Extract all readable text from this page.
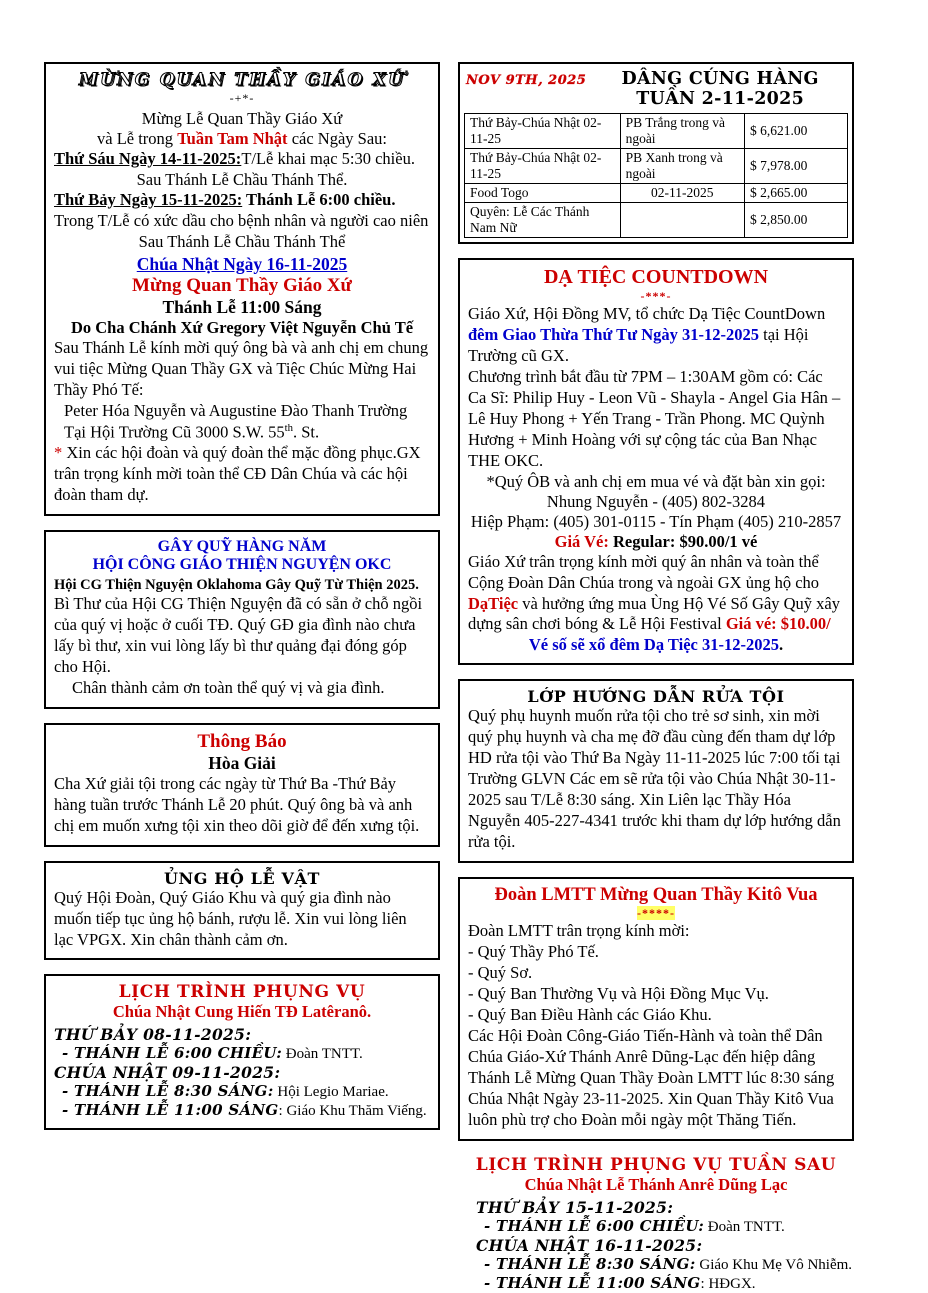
MỪNG QUAN THẦY GIÁO XỨ

-+*-

Mừng Lễ Quan Thầy Giáo Xứ

và Lễ trong Tuần Tam Nhật các Ngày Sau:

Thứ Sáu Ngày 14-11-2025:T/Lễ khai mạc 5:30 chiều.

Sau Thánh Lễ Chầu Thánh Thể.

Thứ Bảy Ngày 15-11-2025: Thánh Lễ 6:00 chiều.

Trong T/Lễ có xức dầu cho bệnh nhân và người cao niên

Sau Thánh Lễ Chầu Thánh Thể

Chúa Nhật Ngày 16-11-2025

Mừng Quan Thầy Giáo Xứ

Thánh Lễ 11:00 Sáng

Do Cha Chánh Xứ Gregory Việt Nguyễn Chủ Tế

Sau Thánh Lễ kính mời quý ông bà và anh chị em chung vui tiệc Mừng Quan Thầy GX và Tiệc Chúc Mừng Hai Thầy Phó Tế:

Peter Hóa Nguyễn và Augustine Đào Thanh Trường

Tại Hội Trường Cũ 3000 S.W. 55th. St.

* Xin các hội đoàn và quý đoàn thể mặc đồng phục.GX trân trọng kính mời toàn thể CĐ Dân Chúa và các hội đoàn tham dự.

GÂY QUỸ HÀNG NĂM

HỘI CÔNG GIÁO THIỆN NGUYỆN OKC

Hội CG Thiện Nguyện Oklahoma Gây Quỹ Từ Thiện 2025.

Bì Thư của Hội CG Thiện Nguyện đã có sẵn ở chỗ ngồi của quý vị hoặc ở cuối TĐ. Quý GĐ gia đình nào chưa lấy bì thư, xin vui lòng lấy bì thư quảng đại đóng góp cho Hội.

Chân thành cảm ơn toàn thể quý vị và gia đình.

Thông Báo

Hòa Giải

Cha Xứ giải tội trong các ngày từ Thứ Ba -Thứ Bảy hàng tuần trước Thánh Lễ 20 phút. Quý ông bà và anh chị em muốn xưng tội xin theo dõi giờ để đến xưng tội.

ỦNG HỘ LỄ VẬT

Quý Hội Đoàn, Quý Giáo Khu và quý gia đình nào muốn tiếp tục ủng hộ bánh, rượu lễ. Xin vui lòng liên lạc VPGX. Xin chân thành cảm ơn.

LỊCH TRÌNH PHỤNG VỤ

Chúa Nhật Cung Hiến TĐ Latêranô.

THỨ BẢY 08-11-2025:

- THÁNH LỄ 6:00 CHIỀU: Đoàn TNTT.

CHÚA NHẬT 09-11-2025:

- THÁNH LỄ 8:30 SÁNG: Hội Legio Mariae.

- THÁNH LỄ 11:00 SÁNG: Giáo Khu Thăm Viếng.

NOV 9TH, 2025	DÂNG CÚNG HÀNG TUẦN 2-11-2025
Thứ Bảy-Chúa Nhật 02-11-25	PB Trắng trong và ngoài	$ 6,621.00
Thứ Bảy-Chúa Nhật 02-11-25	PB Xanh trong và ngoài	$ 7,978.00
Food Togo	02-11-2025	$ 2,665.00
Quyên: Lễ Các Thánh Nam Nữ		$ 2,850.00

DẠ TIỆC COUNTDOWN

-***-

Giáo Xứ, Hội Đồng MV, tổ chức Dạ Tiệc CountDown đêm Giao Thừa Thứ Tư Ngày 31-12-2025 tại Hội Trường cũ GX.

Chương trình bắt đầu từ 7PM – 1:30AM gồm có: Các Ca Sĩ: Philip Huy - Leon Vũ - Shayla - Angel Gia Hân – Lê Huy Phong + Yến Trang - Trần Phong. MC Quỳnh Hương + Minh Hoàng với sự cộng tác của Ban Nhạc THE OKC.

*Quý ÔB và anh chị em mua vé và đặt bàn xin gọi:

Nhung Nguyễn - (405) 802-3284

Hiệp Phạm: (405) 301-0115 - Tín Phạm (405) 210-2857

Giá Vé: Regular: $90.00/1 vé

Giáo Xứ trân trọng kính mời quý ân nhân và toàn thể Cộng Đoàn Dân Chúa trong và ngoài GX ủng hộ cho DạTiệc và hưởng ứng mua Ùng Hộ Vé Số Gây Quỹ xây dựng sân chơi bóng & Lễ Hội Festival Giá vé: $10.00/

Vé số sẽ xổ đêm Dạ Tiệc 31-12-2025.

LỚP HƯỚNG DẪN RỬA TỘI

Quý phụ huynh muốn rửa tội cho trẻ sơ sinh, xin mời quý phụ huynh và cha mẹ đỡ đầu cùng đến tham dự lớp HD rửa tội vào Thứ Ba Ngày 11-11-2025 lúc 7:00 tối tại Trường GLVN Các em sẽ rửa tội vào Chúa Nhật 30-11-2025 sau T/Lễ 8:30 sáng. Xin Liên lạc Thầy Hóa Nguyễn 405-227-4341 trước khi tham dự lớp hướng dẫn rửa tội.

Đoàn LMTT Mừng Quan Thầy Kitô Vua

-****-

Đoàn LMTT trân trọng kính mời:

- Quý Thầy Phó Tế.

- Quý Sơ.

- Quý Ban Thường Vụ và Hội Đồng Mục Vụ.

- Quý Ban Điều Hành các Giáo Khu.

Các Hội Đoàn Công-Giáo Tiến-Hành và toàn thể Dân Chúa Giáo-Xứ Thánh Anrê Dũng-Lạc đến hiệp dâng Thánh Lễ Mừng Quan Thầy Đoàn LMTT lúc 8:30 sáng Chúa Nhật Ngày 23-11-2025. Xin Quan Thầy Kitô Vua luôn phù trợ cho Đoàn mỗi ngày một Thăng Tiến.

LỊCH TRÌNH PHỤNG VỤ TUẦN SAU

Chúa Nhật Lễ Thánh Anrê Dũng Lạc

THỨ BẢY 15-11-2025:

- THÁNH LỄ 6:00 CHIỀU: Đoàn TNTT.

CHÚA NHẬT 16-11-2025:

- THÁNH LỄ 8:30 SÁNG: Giáo Khu Mẹ Vô Nhiễm.

- THÁNH LỄ 11:00 SÁNG: HĐGX.
